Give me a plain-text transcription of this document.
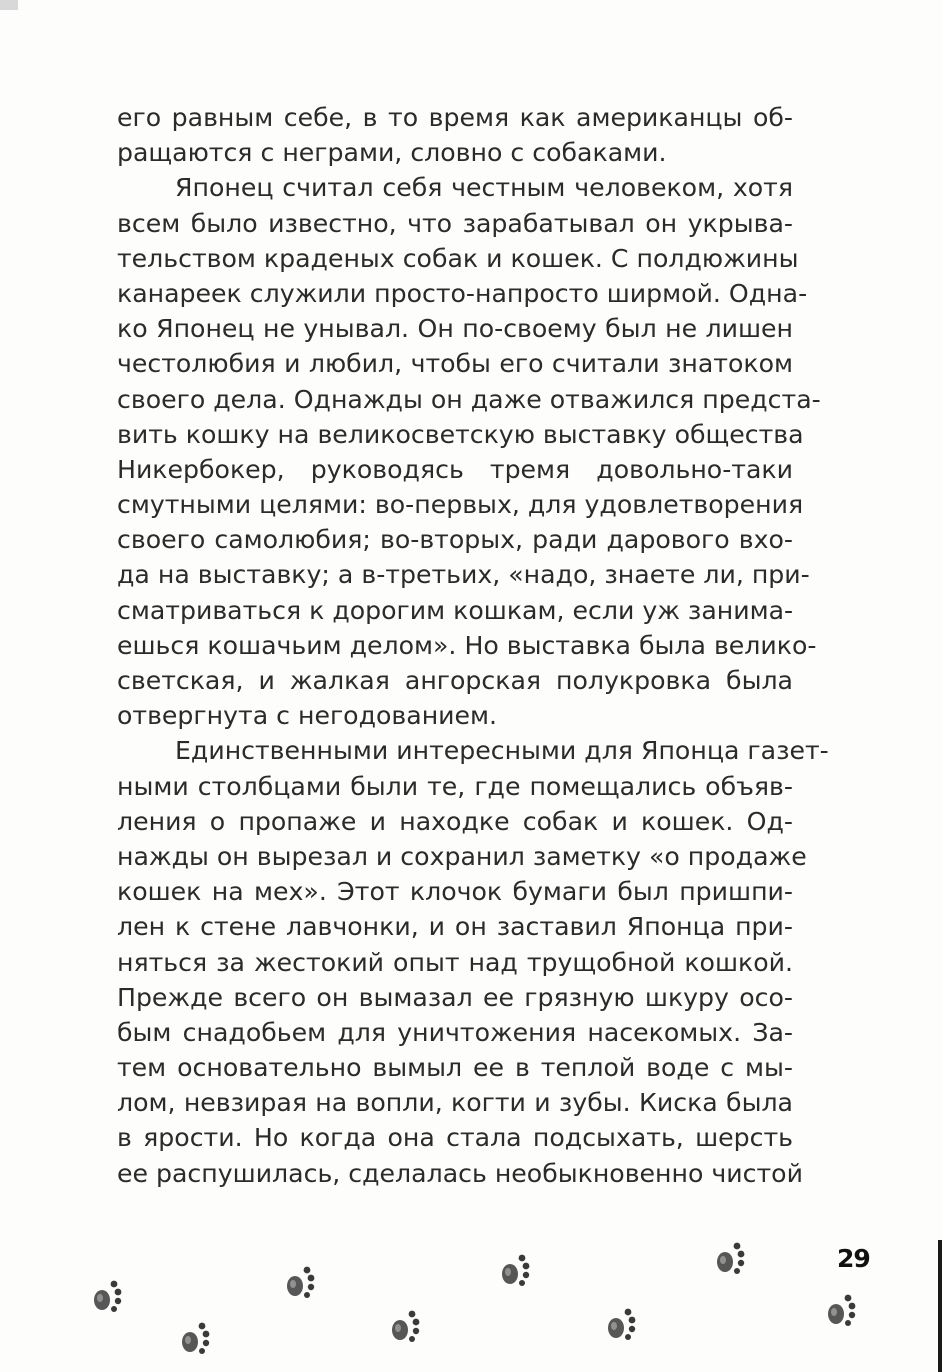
его равным себе, в то время как американцы об-
ращаются с неграми, словно с собаками.
Японец считал себя честным человеком, хотя
всем было известно, что зарабатывал он укрыва-
тельством краденых собак и кошек. С полдюжины
канареек служили просто-напросто ширмой. Одна-
ко Японец не унывал. Он по-своему был не лишен
честолюбия и любил, чтобы его считали знатоком
своего дела. Однажды он даже отважился предста-
вить кошку на великосветскую выставку общества
Никербокер, руководясь тремя довольно-таки
смутными целями: во-первых, для удовлетворения
своего самолюбия; во-вторых, ради дарового вхо-
да на выставку; а в-третьих, «надо, знаете ли, при-
сматриваться к дорогим кошкам, если уж занима-
ешься кошачьим делом». Но выставка была велико-
светская, и жалкая ангорская полукровка была
отвергнута с негодованием.
Единственными интересными для Японца газет-
ными столбцами были те, где помещались объяв-
ления о пропаже и находке собак и кошек. Од-
нажды он вырезал и сохранил заметку «о продаже
кошек на мех». Этот клочок бумаги был пришпи-
лен к стене лавчонки, и он заставил Японца при-
няться за жестокий опыт над трущобной кошкой.
Прежде всего он вымазал ее грязную шкуру осо-
бым снадобьем для уничтожения насекомых. За-
тем основательно вымыл ее в теплой воде с мы-
лом, невзирая на вопли, когти и зубы. Киска была
в ярости. Но когда она стала подсыхать, шерсть
ее распушилась, сделалась необыкновенно чистой
29
